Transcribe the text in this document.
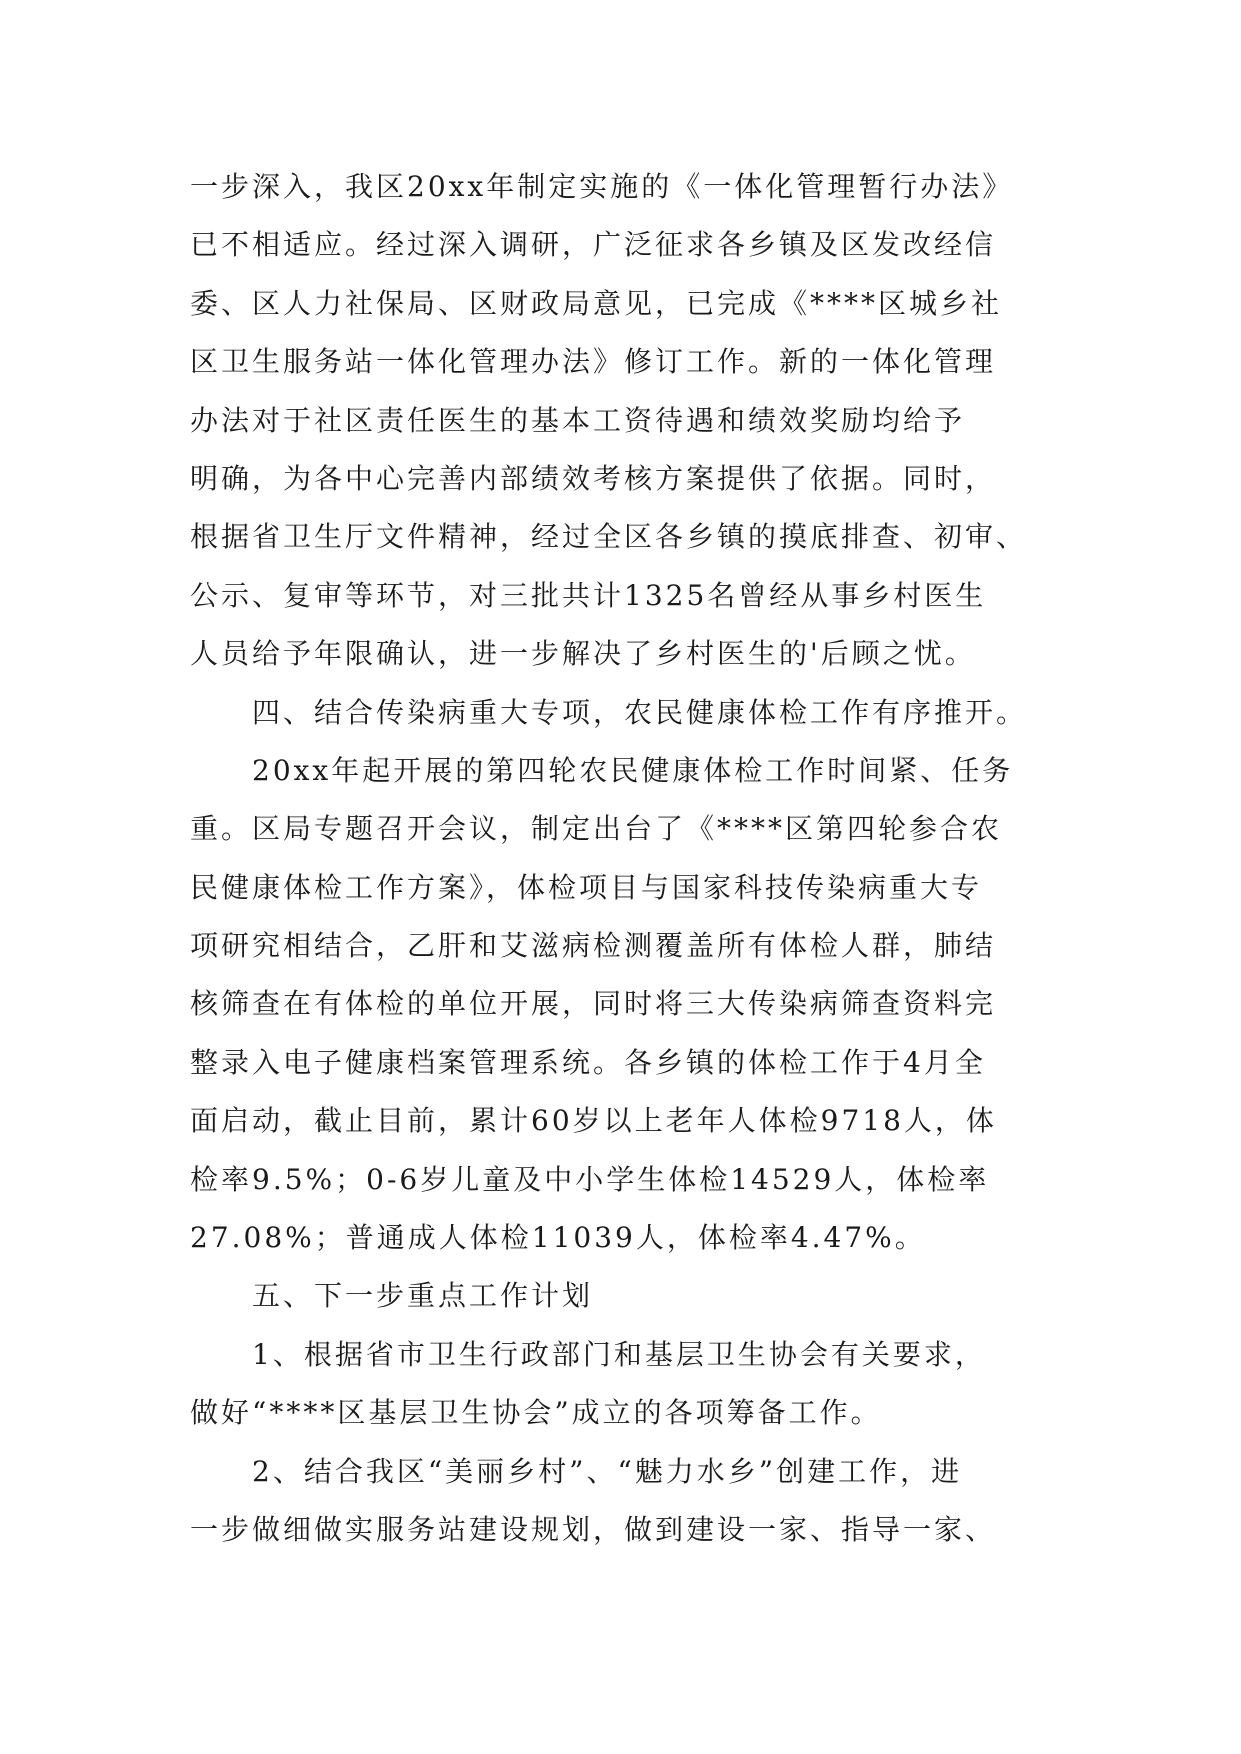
一步深入，我区20xx年制定实施的《一体化管理暂行办法》
已不相适应。经过深入调研，广泛征求各乡镇及区发改经信
委、区人力社保局、区财政局意见，已完成《****区城乡社
区卫生服务站一体化管理办法》修订工作。新的一体化管理
办法对于社区责任医生的基本工资待遇和绩效奖励均给予
明确，为各中心完善内部绩效考核方案提供了依据。同时，
根据省卫生厅文件精神，经过全区各乡镇的摸底排查、初审、
公示、复审等环节，对三批共计1325名曾经从事乡村医生
人员给予年限确认，进一步解决了乡村医生的'后顾之忧。
四、结合传染病重大专项，农民健康体检工作有序推开。
20xx年起开展的第四轮农民健康体检工作时间紧、任务
重。区局专题召开会议，制定出台了《****区第四轮参合农
民健康体检工作方案》，体检项目与国家科技传染病重大专
项研究相结合，乙肝和艾滋病检测覆盖所有体检人群，肺结
核筛查在有体检的单位开展，同时将三大传染病筛查资料完
整录入电子健康档案管理系统。各乡镇的体检工作于4月全
面启动，截止目前，累计60岁以上老年人体检9718人，体
检率9.5%；0-6岁儿童及中小学生体检14529人，体检率
27.08%；普通成人体检11039人，体检率4.47%。
五、下一步重点工作计划
1、根据省市卫生行政部门和基层卫生协会有关要求，
做好“****区基层卫生协会”成立的各项筹备工作。
2、结合我区“美丽乡村”、“魅力水乡”创建工作，进
一步做细做实服务站建设规划，做到建设一家、指导一家、
